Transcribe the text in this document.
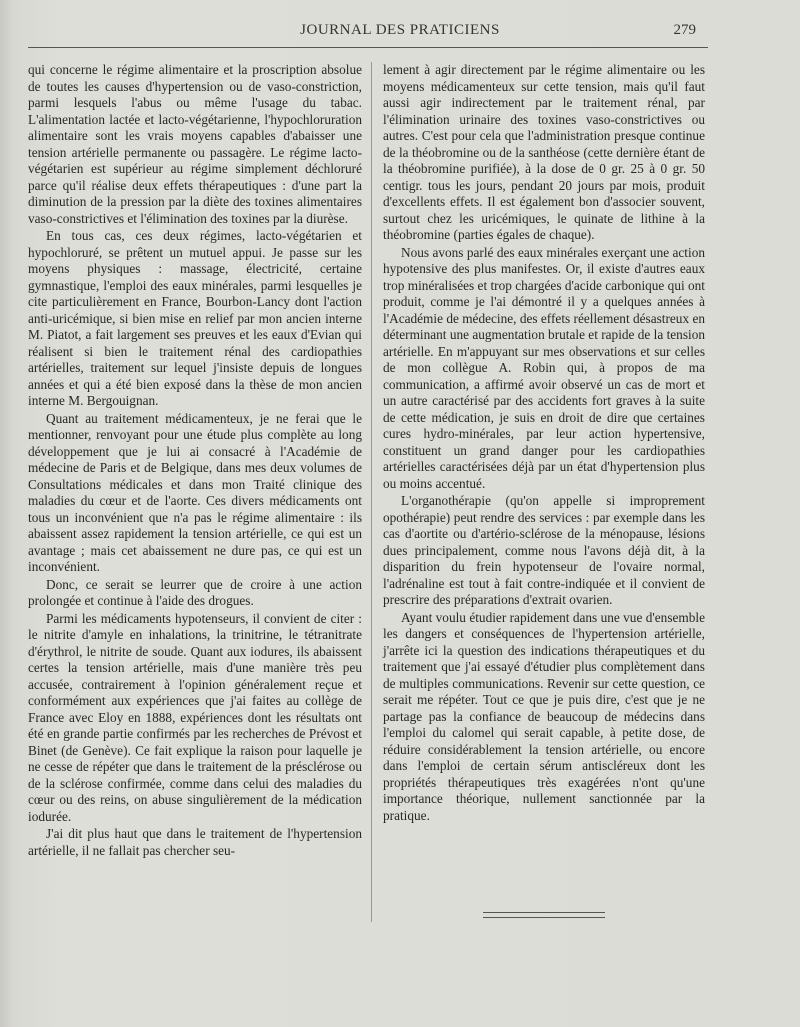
JOURNAL DES PRATICIENS	279

qui concerne le régime alimentaire et la proscription absolue de toutes les causes d'hypertension ou de vaso-constriction, parmi lesquels l'abus ou même l'usage du tabac. L'alimentation lactée et lacto-végétarienne, l'hypochloruration alimentaire sont les vrais moyens capables d'abaisser une tension artérielle permanente ou passagère. Le régime lacto-végétarien est supérieur au régime simplement déchloruré parce qu'il réalise deux effets thérapeutiques : d'une part la diminution de la pression par la diète des toxines alimentaires vaso-constrictives et l'élimination des toxines par la diurèse.

En tous cas, ces deux régimes, lacto-végétarien et hypochloruré, se prêtent un mutuel appui. Je passe sur les moyens physiques : massage, électricité, certaine gymnastique, l'emploi des eaux minérales, parmi lesquelles je cite particulièrement en France, Bourbon-Lancy dont l'action anti-uricémique, si bien mise en relief par mon ancien interne M. Piatot, a fait largement ses preuves et les eaux d'Evian qui réalisent si bien le traitement rénal des cardiopathies artérielles, traitement sur lequel j'insiste depuis de longues années et qui a été bien exposé dans la thèse de mon ancien interne M. Bergouignan.

Quant au traitement médicamenteux, je ne ferai que le mentionner, renvoyant pour une étude plus complète au long développement que je lui ai consacré à l'Académie de médecine de Paris et de Belgique, dans mes deux volumes de Consultations médicales et dans mon Traité clinique des maladies du cœur et de l'aorte. Ces divers médicaments ont tous un inconvénient que n'a pas le régime alimentaire : ils abaissent assez rapidement la tension artérielle, ce qui est un avantage ; mais cet abaissement ne dure pas, ce qui est un inconvénient.

Donc, ce serait se leurrer que de croire à une action prolongée et continue à l'aide des drogues.

Parmi les médicaments hypotenseurs, il convient de citer : le nitrite d'amyle en inhalations, la trinitrine, le tétranitrate d'érythrol, le nitrite de soude. Quant aux iodures, ils abaissent certes la tension artérielle, mais d'une manière très peu accusée, contrairement à l'opinion généralement reçue et conformément aux expériences que j'ai faites au collège de France avec Eloy en 1888, expériences dont les résultats ont été en grande partie confirmés par les recherches de Prévost et Binet (de Genève). Ce fait explique la raison pour laquelle je ne cesse de répéter que dans le traitement de la présclérose ou de la sclérose confirmée, comme dans celui des maladies du cœur ou des reins, on abuse singulièrement de la médication iodurée.

J'ai dit plus haut que dans le traitement de l'hypertension artérielle, il ne fallait pas chercher seu-

lement à agir directement par le régime alimentaire ou les moyens médicamenteux sur cette tension, mais qu'il faut aussi agir indirectement par le traitement rénal, par l'élimination urinaire des toxines vaso-constrictives ou autres. C'est pour cela que l'administration presque continue de la théobromine ou de la santhéose (cette dernière étant de la théobromine purifiée), à la dose de 0 gr. 25 à 0 gr. 50 centigr. tous les jours, pendant 20 jours par mois, produit d'excellents effets. Il est également bon d'associer souvent, surtout chez les uricémiques, le quinate de lithine à la théobromine (parties égales de chaque).

Nous avons parlé des eaux minérales exerçant une action hypotensive des plus manifestes. Or, il existe d'autres eaux trop minéralisées et trop chargées d'acide carbonique qui ont produit, comme je l'ai démontré il y a quelques années à l'Académie de médecine, des effets réellement désastreux en déterminant une augmentation brutale et rapide de la tension artérielle. En m'appuyant sur mes observations et sur celles de mon collègue A. Robin qui, à propos de ma communication, a affirmé avoir observé un cas de mort et un autre caractérisé par des accidents fort graves à la suite de cette médication, je suis en droit de dire que certaines cures hydro-minérales, par leur action hypertensive, constituent un grand danger pour les cardiopathies artérielles caractérisées déjà par un état d'hypertension plus ou moins accentué.

L'organothérapie (qu'on appelle si improprement opothérapie) peut rendre des services : par exemple dans les cas d'aortite ou d'artério-sclérose de la ménopause, lésions dues principalement, comme nous l'avons déjà dit, à la disparition du frein hypotenseur de l'ovaire normal, l'adrénaline est tout à fait contre-indiquée et il convient de prescrire des préparations d'extrait ovarien.

Ayant voulu étudier rapidement dans une vue d'ensemble les dangers et conséquences de l'hypertension artérielle, j'arrête ici la question des indications thérapeutiques et du traitement que j'ai essayé d'étudier plus complètement dans de multiples communications. Revenir sur cette question, ce serait me répéter. Tout ce que je puis dire, c'est que je ne partage pas la confiance de beaucoup de médecins dans l'emploi du calomel qui serait capable, à petite dose, de réduire considérablement la tension artérielle, ou encore dans l'emploi de certain sérum antiscléreux dont les propriétés thérapeutiques très exagérées n'ont qu'une importance théorique, nullement sanctionnée par la pratique.
